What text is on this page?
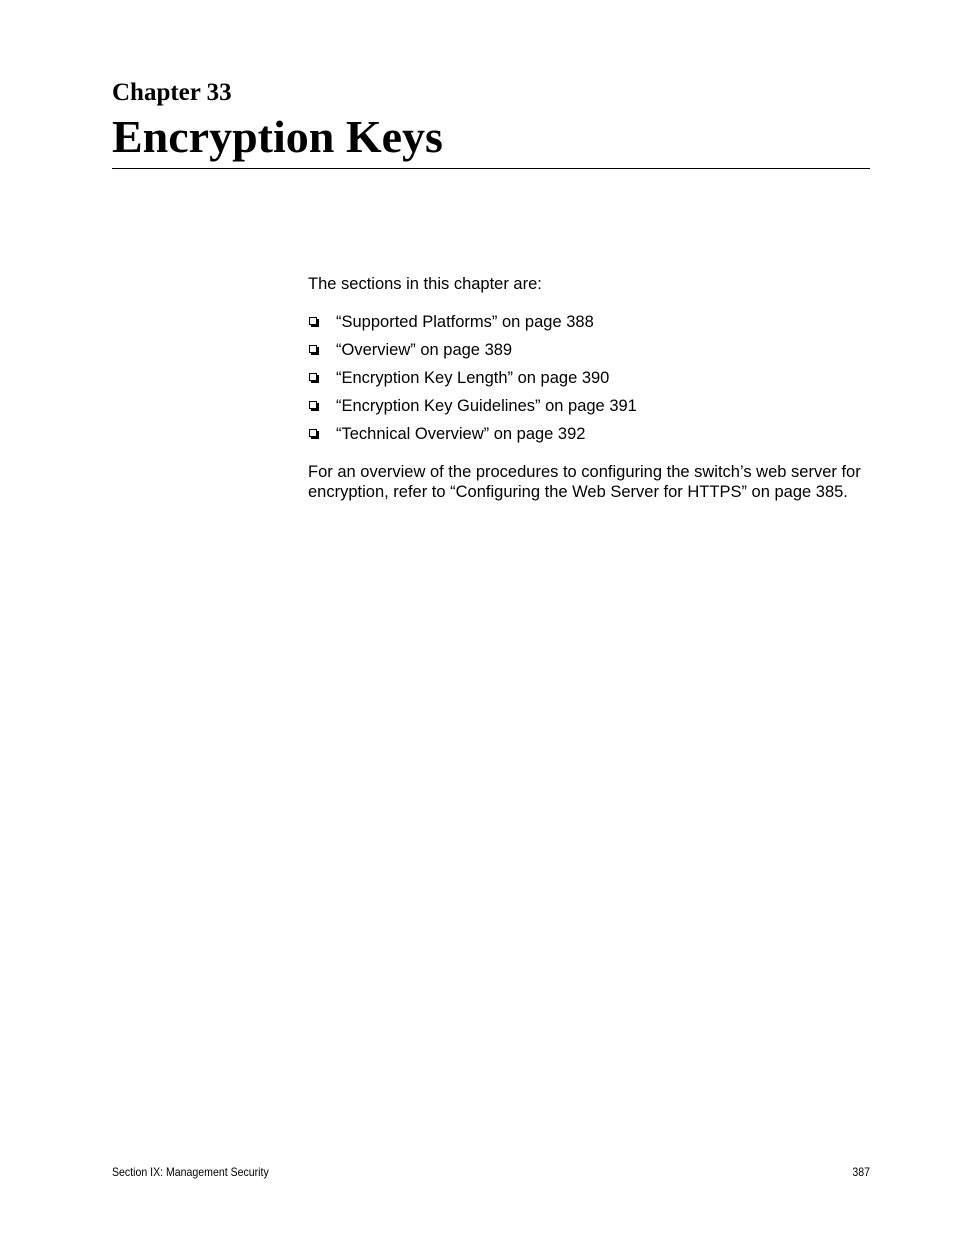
Chapter 33
Encryption Keys

The sections in this chapter are:

“Supported Platforms” on page 388
“Overview” on page 389
“Encryption Key Length” on page 390
“Encryption Key Guidelines” on page 391
“Technical Overview” on page 392

For an overview of the procedures to configuring the switch’s web server for encryption, refer to “Configuring the Web Server for HTTPS” on page 385.

Section IX: Management Security	387
